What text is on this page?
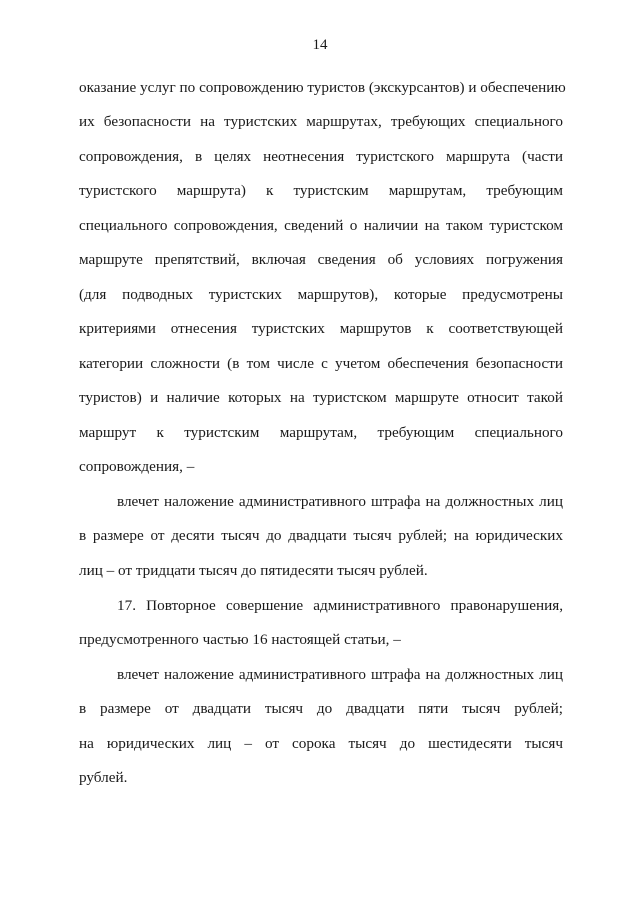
14
оказание услуг по сопровождению туристов (экскурсантов) и обеспечению
их безопасности на туристских маршрутах, требующих специального
сопровождения, в целях неотнесения туристского маршрута (части
туристского маршрута) к туристским маршрутам, требующим
специального сопровождения, сведений о наличии на таком туристском
маршруте препятствий, включая сведения об условиях погружения
(для подводных туристских маршрутов), которые предусмотрены
критериями отнесения туристских маршрутов к соответствующей
категории сложности (в том числе с учетом обеспечения безопасности
туристов) и наличие которых на туристском маршруте относит такой
маршрут к туристским маршрутам, требующим специального
сопровождения, –
влечет наложение административного штрафа на должностных лиц
в размере от десяти тысяч до двадцати тысяч рублей; на юридических
лиц – от тридцати тысяч до пятидесяти тысяч рублей.
17. Повторное совершение административного правонарушения,
предусмотренного частью 16 настоящей статьи, –
влечет наложение административного штрафа на должностных лиц
в размере от двадцати тысяч до двадцати пяти тысяч рублей;
на юридических лиц – от сорока тысяч до шестидесяти тысяч
рублей.
